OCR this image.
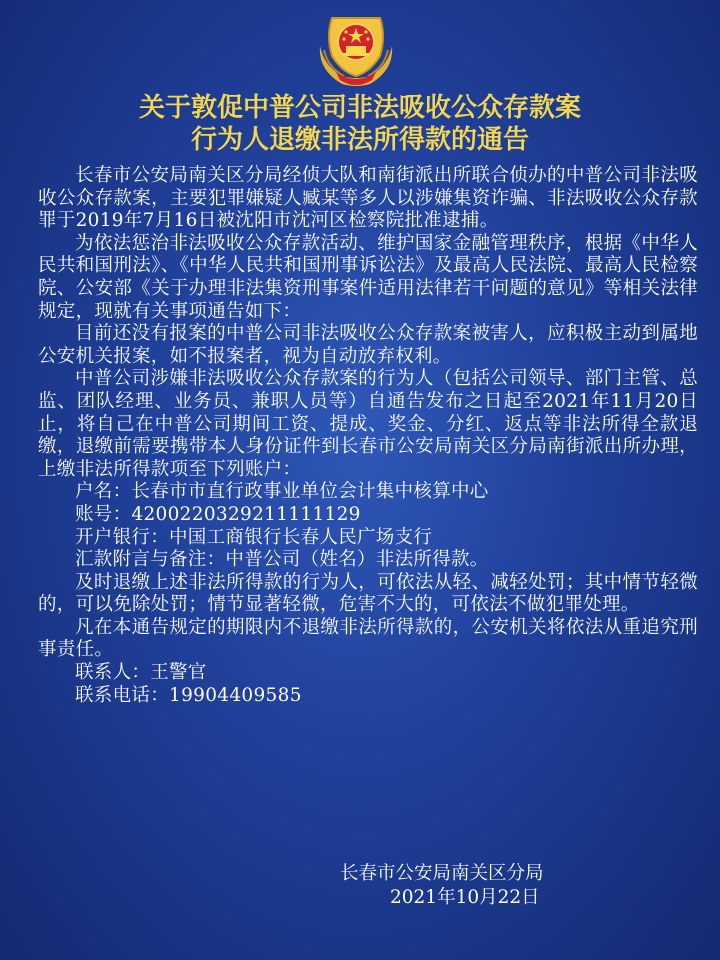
关于敦促中普公司非法吸收公众存款案
行为人退缴非法所得款的通告

长春市公安局南关区分局经侦大队和南街派出所联合侦办的中普公司非法吸收公众存款案，主要犯罪嫌疑人臧某等多人以涉嫌集资诈骗、非法吸收公众存款罪于2019年7月16日被沈阳市沈河区检察院批准逮捕。

为依法惩治非法吸收公众存款活动、维护国家金融管理秩序，根据《中华人民共和国刑法》、《中华人民共和国刑事诉讼法》及最高人民法院、最高人民检察院、公安部《关于办理非法集资刑事案件适用法律若干问题的意见》等相关法律规定，现就有关事项通告如下：

目前还没有报案的中普公司非法吸收公众存款案被害人，应积极主动到属地公安机关报案，如不报案者，视为自动放弃权利。

中普公司涉嫌非法吸收公众存款案的行为人（包括公司领导、部门主管、总监、团队经理、业务员、兼职人员等）自通告发布之日起至2021年11月20日止，将自己在中普公司期间工资、提成、奖金、分红、返点等非法所得全款退缴，退缴前需要携带本人身份证件到长春市公安局南关区分局南街派出所办理，上缴非法所得款项至下列账户：

户名：长春市市直行政事业单位会计集中核算中心

账号：4200220329211111129

开户银行：中国工商银行长春人民广场支行

汇款附言与备注：中普公司（姓名）非法所得款。

及时退缴上述非法所得款的行为人，可依法从轻、减轻处罚；其中情节轻微的，可以免除处罚；情节显著轻微，危害不大的，可依法不做犯罪处理。

凡在本通告规定的期限内不退缴非法所得款的，公安机关将依法从重追究刑事责任。

联系人：王警官

联系电话：19904409585

长春市公安局南关区分局
2021年10月22日
